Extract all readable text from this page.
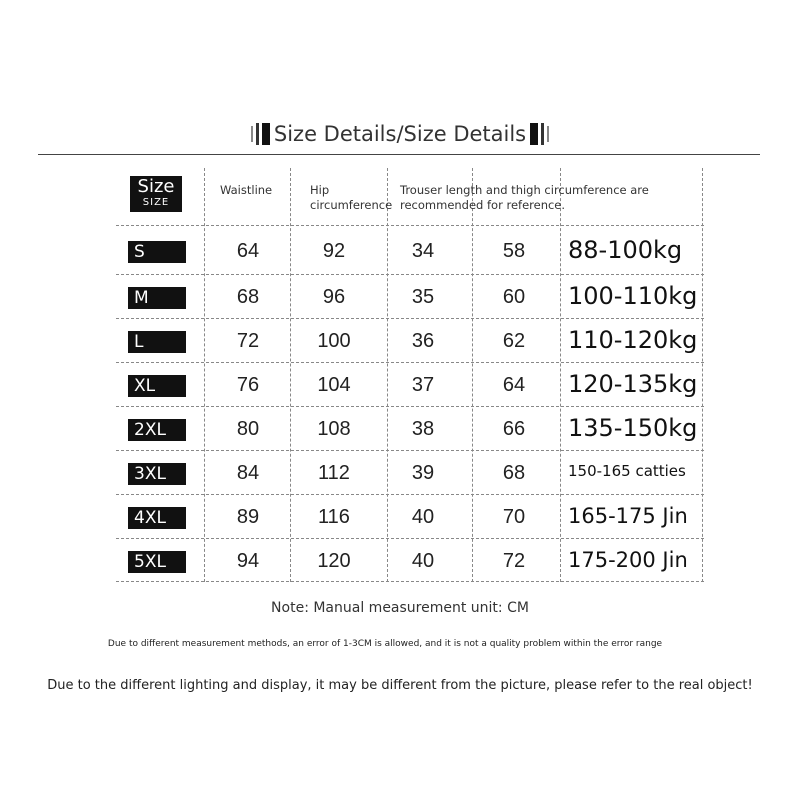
Size Details/Size Details
Size
SIZE
Waistline	Hip
circumference
Trouser length and thigh circumference are
recommended for reference.
S	64	92	34	58	88-100kg
M	68	96	35	60	100-110kg
L	72	100	36	62	110-120kg
XL	76	104	37	64	120-135kg
2XL	80	108	38	66	135-150kg
3XL	84	112	39	68	150-165 catties
4XL	89	116	40	70	165-175 Jin
5XL	94	120	40	72	175-200 Jin
Note: Manual measurement unit: CM
Due to different measurement methods, an error of 1-3CM is allowed, and it is not a quality problem within the error range
Due to the different lighting and display, it may be different from the picture, please refer to the real object!
